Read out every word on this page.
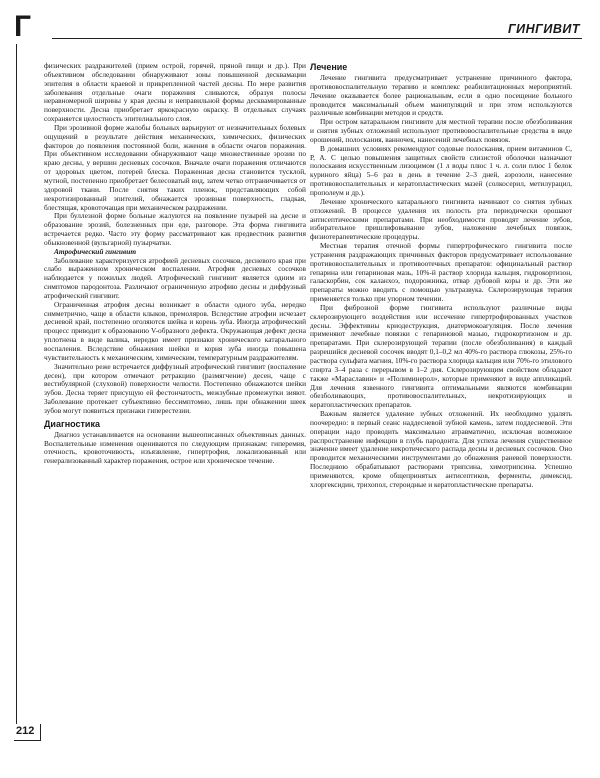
Г	ГИНГИВИТ

физических раздражителей (прием острой, горячей, пряной пищи и др.). При объективном обследовании обнаруживают зоны повышенной десквамации эпителия в области краевой и прикрепленной частей десны. По мере развития заболевания отдельные очаги поражения сливаются, образуя полосы неравномерной ширины у края десны и неправильной формы десквамированные поверхности. Десна приобретает яркокрасную окраску. В отдельных случаях сохраняется целостность эпителиального слоя.

При эрозивной форме жалобы больных варьируют от незначительных болевых ощущений в результате действия механических, химических, физических факторов до появления постоянной боли, жжения в области очагов поражения. При объективном исследовании обнаруживают чаще множественные эрозии по краю десны, у вершин десневых сосочков. Вначале очаги поражения отличаются от здоровых цветом, потерей блеска. Пораженная десна становится тусклой, мутной, постепенно приобретает белесоватый вид, затем четко отграничивается от здоровой ткани. После снятия таких пленок, представляющих собой некротизированный эпителий, обнажается эрозивная поверхность, гладкая, блестящая, кровоточащая при механическом раздражении.

При буллезной форме больные жалуются на появление пузырей на десне и образование эрозий, болезненных при еде, разговоре. Эта форма гингивита встречается редко. Часто эту форму рассматривают как предвестник развития обыкновенной (вульгарной) пузырчатки.

Атрофический гингивит

Заболевание характеризуется атрофией десневых сосочков, десневого края при слабо выраженном хроническом воспалении. Атрофия десневых сосочков наблюдается у пожилых людей. Атрофический гингивит является одним из симптомов пародонтоза. Различают ограниченную атрофию десны и диффузный атрофический гингивит.

Ограниченная атрофия десны возникает в области одного зуба, нередко симметрично, чаще в области клыков, премоляров. Вследствие атрофии исчезает десневой край, постепенно оголяются шейка и корень зуба. Иногда атрофический процесс приводит к образованию V-образного дефекта. Окружающая дефект десна уплотнена в виде валика, нередко имеет признаки хронического катарального воспаления. Вследствие обнажения шейки и корня зуба иногда повышена чувствительность к механическим, химическим, температурным раздражителям.

Значительно реже встречается диффузный атрофический гингивит (воспаление десен), при котором отмечают ретракцию (размягчение) десен, чаще с вестибулярной (слуховой) поверхности челюсти. Постепенно обнажаются шейки зубов. Десна теряет присущую ей фестончатость, межзубные промежутки зияют. Заболевание протекает субъективно бессимптомно, лишь при обнажении шеек зубов могут появиться признаки гиперестезии.

Диагностика

Диагноз устанавливается на основании вышеописанных объективных данных. Воспалительные изменения оцениваются по следующим признакам: гиперемия, отечность, кровоточивость, изъязвление, гипертрофия, локализованный или генерализованный характер поражения, острое или хроническое течение.

Лечение

Лечение гингивита предусматривает устранение причинного фактора, противовоспалительную терапию и комплекс реабилитационных мероприятий. Лечение оказывается более рациональным, если в одно посещение больного проводится максимальный объем манипуляций и при этом используются различные комбинации методов и средств.

При остром катаральном гингивите для местной терапии после обезболивания и снятия зубных отложений используют противовоспалительные средства в виде орошений, полоскания, ванночек, нанесений лечебных повязок.

В домашних условиях рекомендуют содовые полоскания, прием витаминов С, Р, А. С целью повышения защитных свойств слизистой оболочки назначают полоскания искусственным лизоцимом (1 л воды плюс 1 ч. л. соли плюс 1 белок куриного яйца) 5–6 раз в день в течение 2–3 дней, аэрозоли, нанесение противовоспалительных и кератопластических мазей (солкосерил, метилурацил, прополеум и др.).

Лечение хронического катарального гингивита начинают со снятия зубных отложений. В процессе удаления их полость рта периодически орошают антисептическими препаратами. При необходимости проводят лечение зубов, избирательное пришлифовывание зубов, наложение лечебных повязок, физиотерапевтические процедуры.

Местная терапия отечной формы гипертрофического гингивита после устранения раздражающих причинных факторов предусматривает использование противовоспалительных и противоотечных препаратов: официнальный раствор гепарина или гепариновая мазь, 10%-й раствор хлорида кальция, гидрокортизон, галаскорбин, сок каланхоэ, подорожника, отвар дубовой коры и др. Эти же препараты можно вводить с помощью ультразвука. Склерозирующая терапия применяется только при упорном течении.

При фиброзной форме гингивита используют различные виды склерозирующего воздействия или иссечение гипертрофированных участков десны. Эффективны криодеструкция, диатермокоагуляция. После лечения применяют лечебные повязки с гепариновой мазью, гидрокортизоном и др. препаратами. При склерозирующей терапии (после обезболивания) в каждый разрешийся десневой сосочек вводят 0,1–0,2 мл 40%-го раствора глюкозы, 25%-го раствора сульфата магния, 10%-го раствора хлорида кальция или 70%-го этилового спирта 3–4 раза с перерывом в 1–2 дня. Склерозирующим свойством обладают также «Мараславин» и «Полиминерол», которые применяют в виде аппликаций. Для лечения язвенного гингивита оптимальными являются комбинации обезболивающих, противовоспалительных, некротизирующих и кератопластических препаратов.

Важным является удаление зубных отложений. Их необходимо удалять поочередно: в первый сеанс наддесневой зубной камень, затем поддесневой. Эти операции надо проводить максимально атравматично, исключая возможное распространение инфекции в глубь пародонта. Для успеха лечения существенное значение имеет удаление некротического распада десны и десневых сосочков. Оно проводится механическими инструментами до обнажения раневой поверхности. Последнюю обрабатывают растворами трипсина, химотрипсина. Успешно применяются, кроме общепринятых антисептиков, ферменты, димексид, хлоргексидин, трихопол, стероидные и кератопластические препараты.

212
